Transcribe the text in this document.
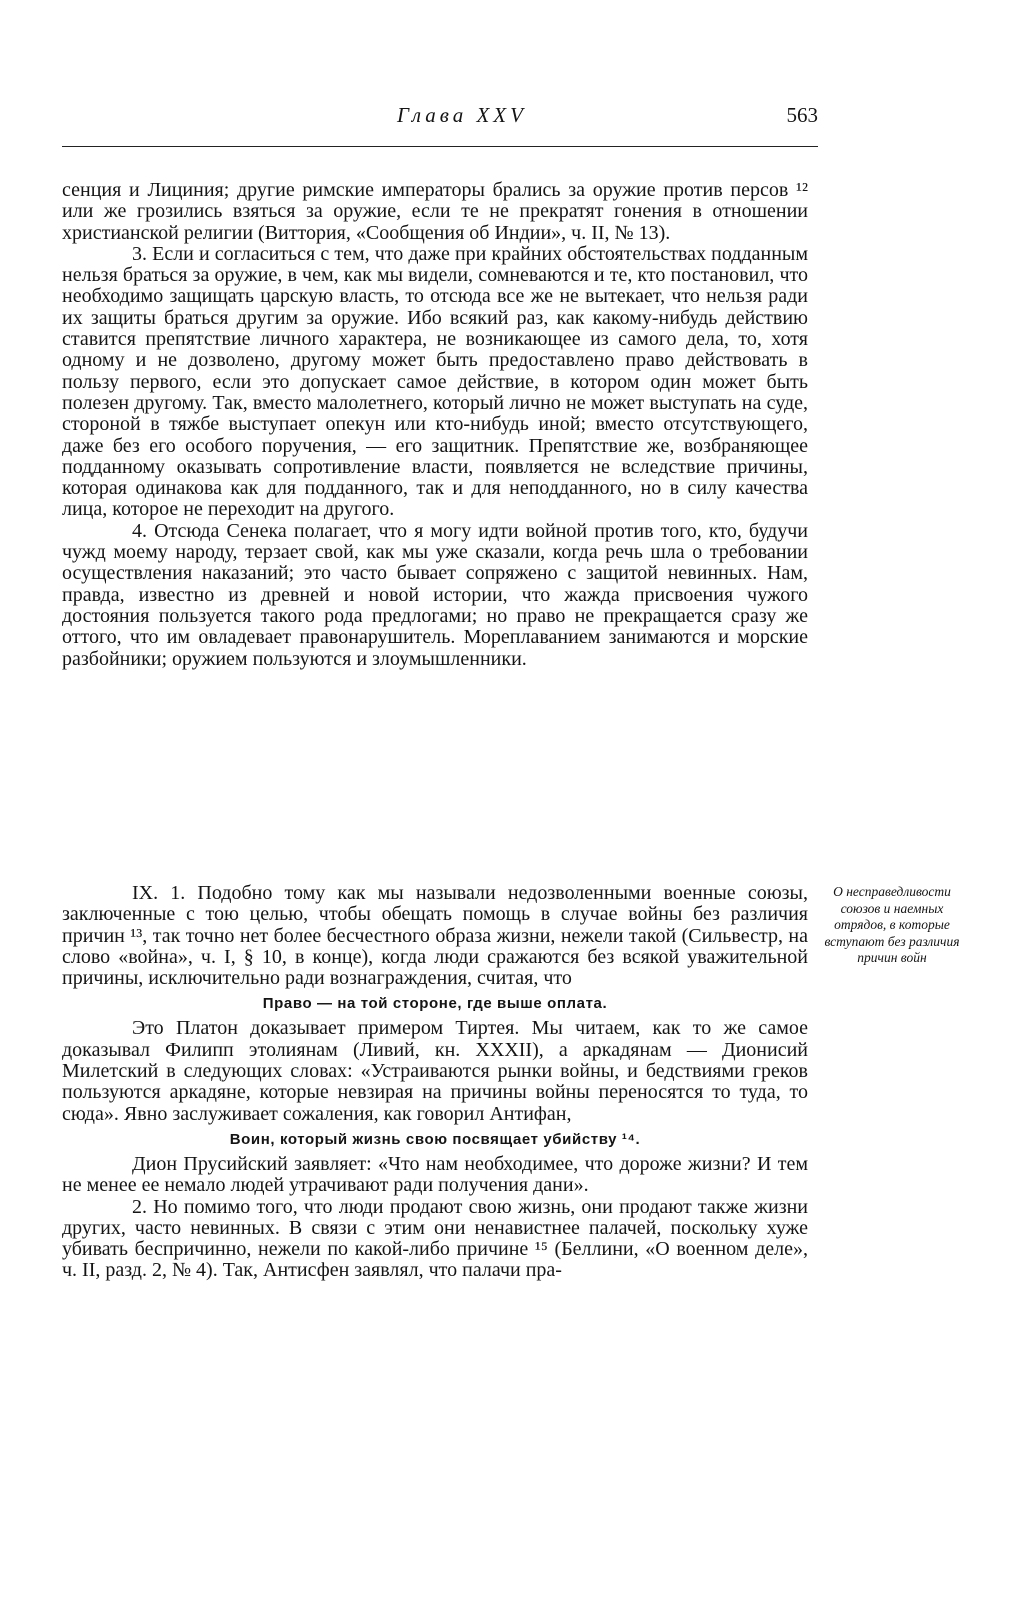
Глава XXV	563

сенция и Лициния; другие римские императоры брались за оружие против персов ¹² или же грозились взяться за оружие, если те не прекратят гонения в отношении христианской религии (Виттория, «Сообщения об Индии», ч. II, № 13).

3. Если и согласиться с тем, что даже при крайних обстоятельствах подданным нельзя браться за оружие, в чем, как мы видели, сомневаются и те, кто постановил, что необходимо защищать царскую власть, то отсюда все же не вытекает, что нельзя ради их защиты браться другим за оружие. Ибо всякий раз, как какому-нибудь действию ставится препятствие личного характера, не возникающее из самого дела, то, хотя одному и не дозволено, другому может быть предоставлено право действовать в пользу первого, если это допускает самое действие, в котором один может быть полезен другому. Так, вместо малолетнего, который лично не может выступать на суде, стороной в тяжбе выступает опекун или кто-нибудь иной; вместо отсутствующего, даже без его особого поручения, — его защитник. Препятствие же, возбраняющее подданному оказывать сопротивление власти, появляется не вследствие причины, которая одинакова как для подданного, так и для неподданного, но в силу качества лица, которое не переходит на другого.

4. Отсюда Сенека полагает, что я могу идти войной против того, кто, будучи чужд моему народу, терзает свой, как мы уже сказали, когда речь шла о требовании осуществления наказаний; это часто бывает сопряжено с защитой невинных. Нам, правда, известно из древней и новой истории, что жажда присвоения чужого достояния пользуется такого рода предлогами; но право не прекращается сразу же оттого, что им овладевает правонарушитель. Мореплаванием занимаются и морские разбойники; оружием пользуются и злоумышленники.

IX. 1. Подобно тому как мы называли недозволенными военные союзы, заключенные с тою целью, чтобы обещать помощь в случае войны без различия причин ¹³, так точно нет более бесчестного образа жизни, нежели такой (Сильвестр, на слово «война», ч. I, § 10, в конце), когда люди сражаются без всякой уважительной причины, исключительно ради вознаграждения, считая, что

Право — на той стороне, где выше оплата.

Это Платон доказывает примером Тиртея. Мы читаем, как то же самое доказывал Филипп этолиянам (Ливий, кн. XXXII), а аркадянам — Дионисий Милетский в следующих словах: «Устраиваются рынки войны, и бедствиями греков пользуются аркадяне, которые невзирая на причины войны переносятся то туда, то сюда». Явно заслуживает сожаления, как говорил Антифан,

Воин, который жизнь свою посвящает убийству ¹⁴.

Дион Прусийский заявляет: «Что нам необходимее, что дороже жизни? И тем не менее ее немало людей утрачивают ради получения дани».

2. Но помимо того, что люди продают свою жизнь, они продают также жизни других, часто невинных. В связи с этим они ненавистнее палачей, поскольку хуже убивать беспричинно, нежели по какой-либо причине ¹⁵ (Беллини, «О военном деле», ч. II, разд. 2, № 4). Так, Антисфен заявлял, что палачи пра-

О несправедливости союзов и наемных отрядов, в которые вступают без различия причин войн
